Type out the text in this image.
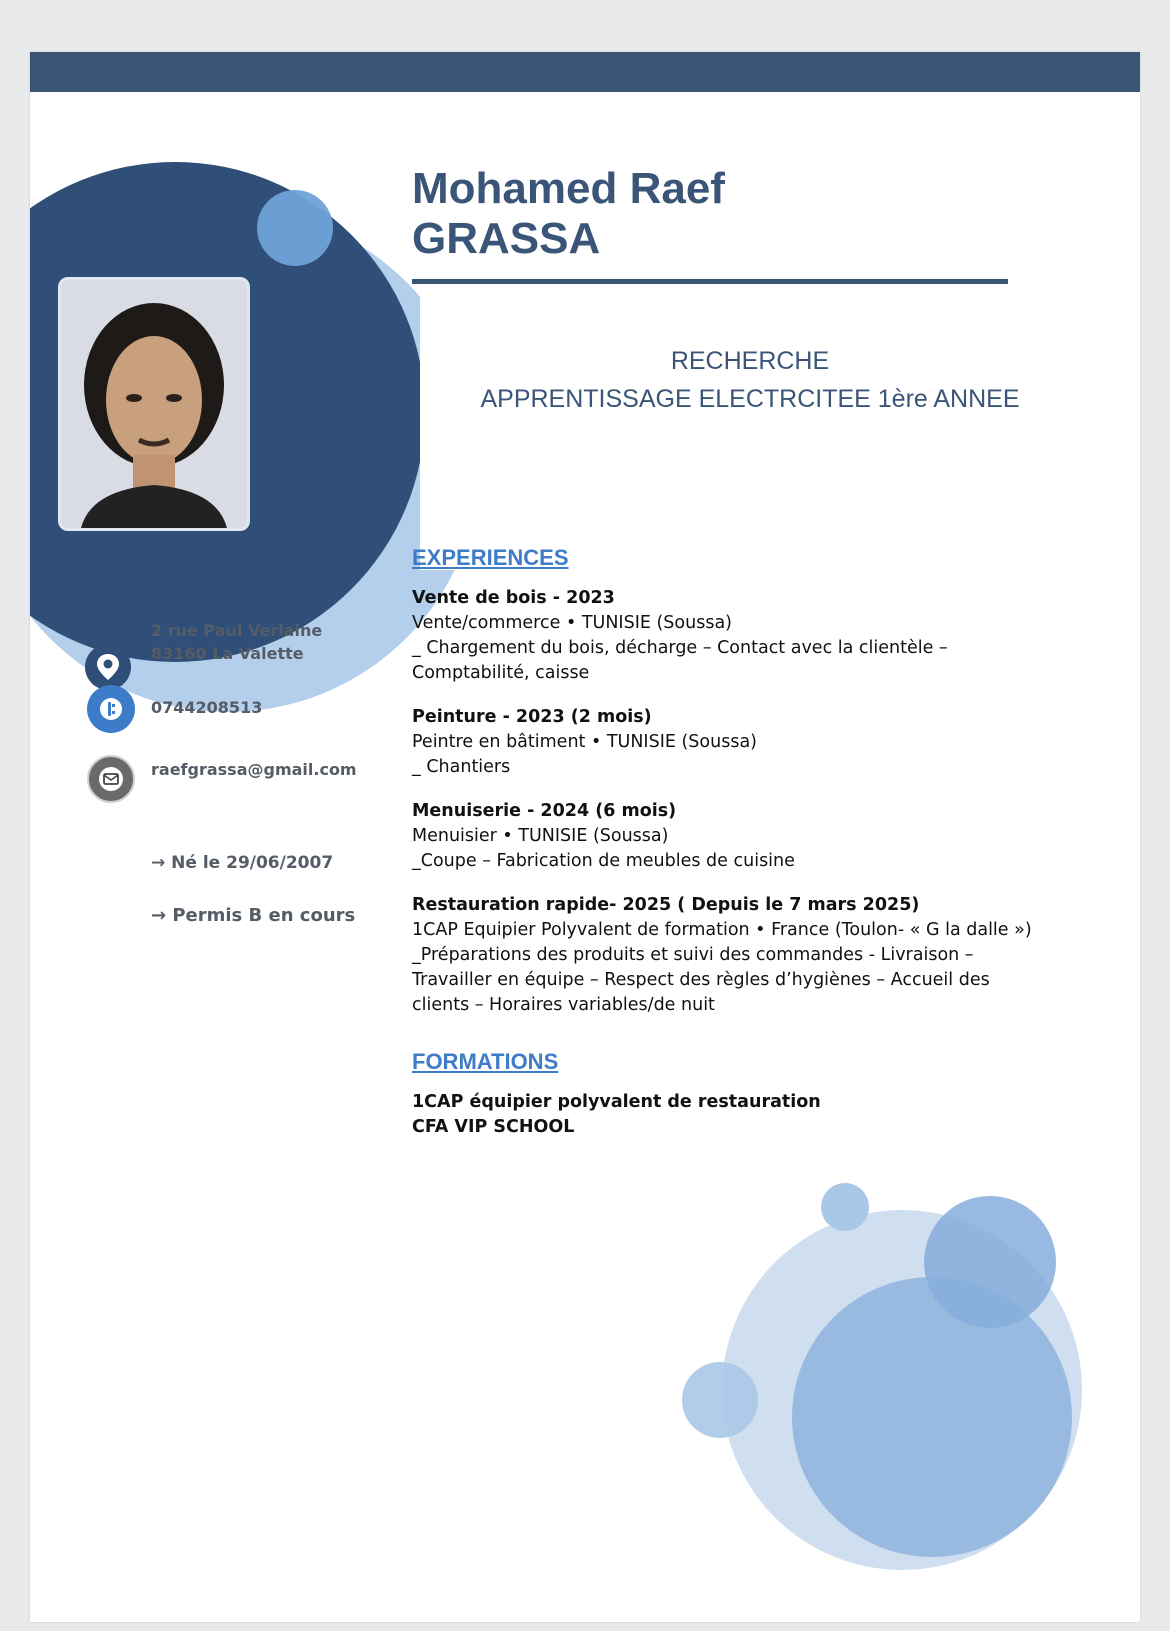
Mohamed Raef
GRASSA
RECHERCHE
APPRENTISSAGE ELECTRCITEE 1ère ANNEE
2 rue Paul Verlaine
83160 La Valette
0744208513
raefgrassa@gmail.com
→ Né le 29/06/2007
→ Permis B en cours
EXPERIENCES
Vente de bois - 2023
Vente/commerce • TUNISIE (Soussa)
_ Chargement du bois, décharge – Contact avec la clientèle – Comptabilité, caisse
Peinture - 2023 (2 mois)
Peintre en bâtiment • TUNISIE (Soussa)
_ Chantiers
Menuiserie - 2024 (6 mois)
Menuisier • TUNISIE (Soussa)
_Coupe – Fabrication de meubles de cuisine
Restauration rapide- 2025 ( Depuis le 7 mars 2025)
1CAP Equipier Polyvalent de formation • France (Toulon- « G la dalle »)
_Préparations des produits et suivi des commandes - Livraison – Travailler en équipe – Respect des règles d’hygiènes – Accueil des clients – Horaires variables/de nuit
FORMATIONS
1CAP équipier polyvalent de restauration
CFA VIP SCHOOL
